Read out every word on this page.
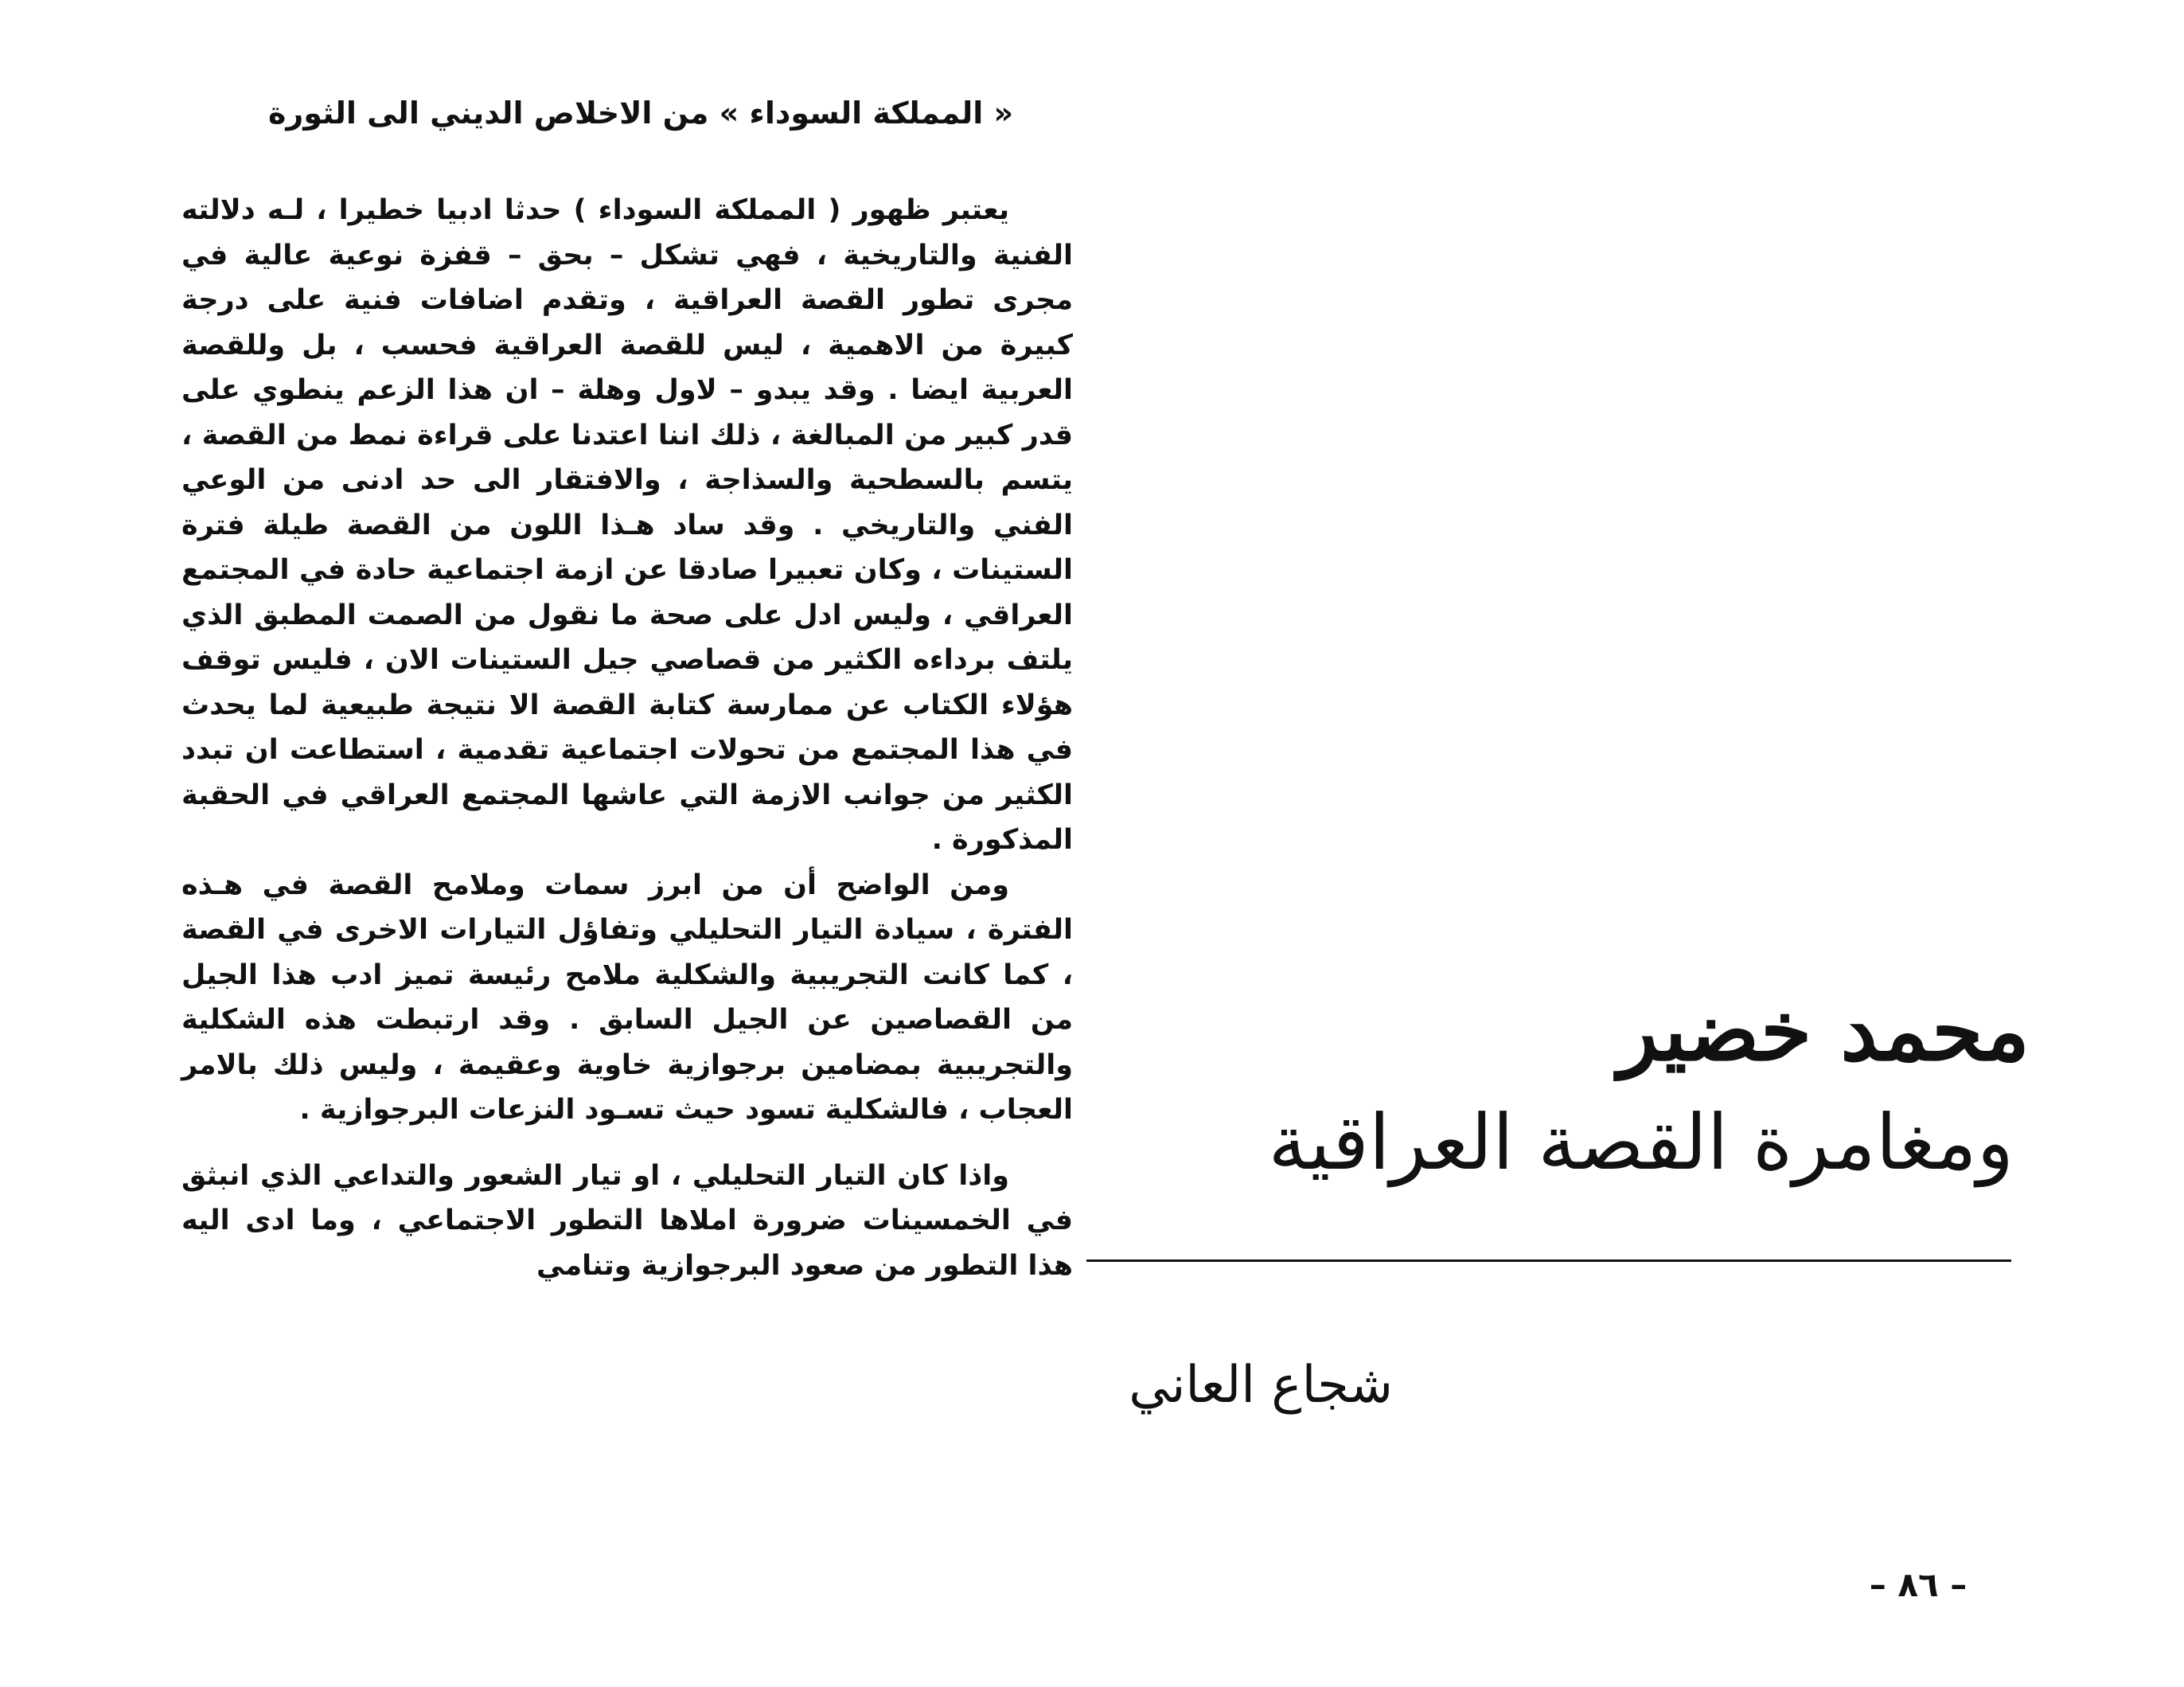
« المملكة السوداء » من الاخلاص الديني الى الثورة

يعتبر ظهور ( المملكة السوداء ) حدثا ادبيا خطيرا ، لـه دلالته الفنية والتاريخية ، فهي تشكل – بحق – قفزة نوعية عالية في مجرى تطور القصة العراقية ، وتقدم اضافات فنية على درجة كبيرة من الاهمية ، ليس للقصة العراقية فحسب ، بل وللقصة العربية ايضا . وقد يبدو – لاول وهلة – ان هذا الزعم ينطوي على قدر كبير من المبالغة ، ذلك اننا اعتدنا على قراءة نمط من القصة ، يتسم بالسطحية والسذاجة ، والافتقار الى حد ادنى من الوعي الفني والتاريخي . وقد ساد هـذا اللون من القصة طيلة فترة الستينات ، وكان تعبيرا صادقا عن ازمة اجتماعية حادة في المجتمع العراقي ، وليس ادل على صحة ما نقول من الصمت المطبق الذي يلتف برداءه الكثير من قصاصي جيل الستينات الان ، فليس توقف هؤلاء الكتاب عن ممارسة كتابة القصة الا نتيجة طبيعية لما يحدث في هذا المجتمع من تحولات اجتماعية تقدمية ، استطاعت ان تبدد الكثير من جوانب الازمة التي عاشها المجتمع العراقي في الحقبة المذكورة .

ومن الواضح أن من ابرز سمات وملامح القصة في هـذه الفترة ، سيادة التيار التحليلي وتفاؤل التيارات الاخرى في القصة ، كما كانت التجريبية والشكلية ملامح رئيسة تميز ادب هذا الجيل من القصاصين عن الجيل السابق . وقد ارتبطت هذه الشكلية والتجريبية بمضامين برجوازية خاوية وعقيمة ، وليس ذلك بالامر العجاب ، فالشكلية تسود حيث تسـود النزعات البرجوازية .

واذا كان التيار التحليلي ، او تيار الشعور والتداعي الذي انبثق في الخمسينات ضرورة املاها التطور الاجتماعي ، وما ادى اليه هذا التطور من صعود البرجوازية وتنامي

محمد خضير
ومغامرة القصة العراقية
شجاع العاني
– ٨٦ –
